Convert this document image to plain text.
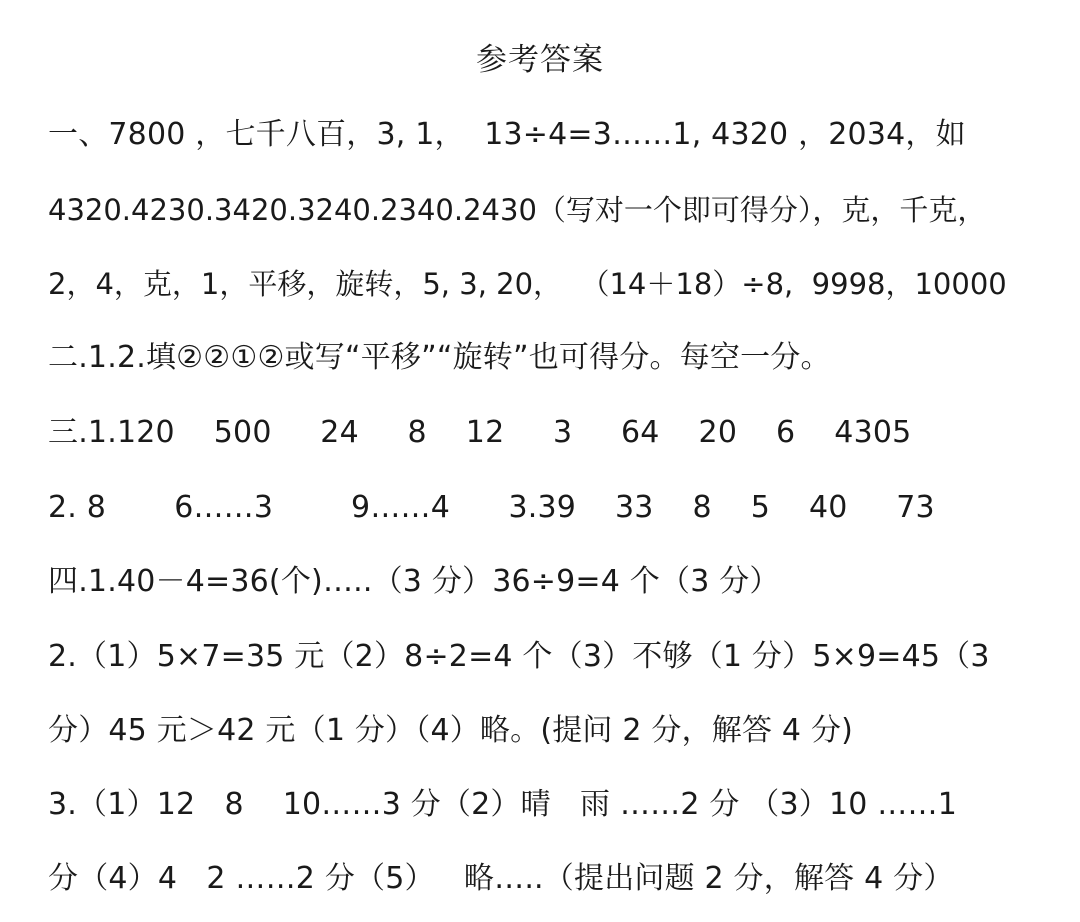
参考答案
一、7800 ，七千八百，3, 1，  13÷4=3……1, 4320 ，2034，如
4320.4230.3420.3240.2340.2430（写对一个即可得分），克，千克，
2，4，克，1，平移，旋转，5, 3, 20，  （14＋18）÷8,  9998，10000
二.1.2.填②②①②或写“平移”“旋转”也可得分。每空一分。
三.1.120    500     24     8    12     3     64    20    6    4305
2. 8       6……3        9……4      3.39    33    8    5    40     73
四.1.40－4=36(个)…..（3 分）36÷9=4 个（3 分）
2.（1）5×7=35 元（2）8÷2=4 个（3）不够（1 分）5×9=45（3
分）45 元＞42 元（1 分）（4）略。(提问 2 分，解答 4 分)
3.（1）12   8    10……3 分（2）晴   雨 ……2 分 （3）10 ……1
分（4）4   2 ……2 分（5）   略…..（提出问题 2 分，解答 4 分）
